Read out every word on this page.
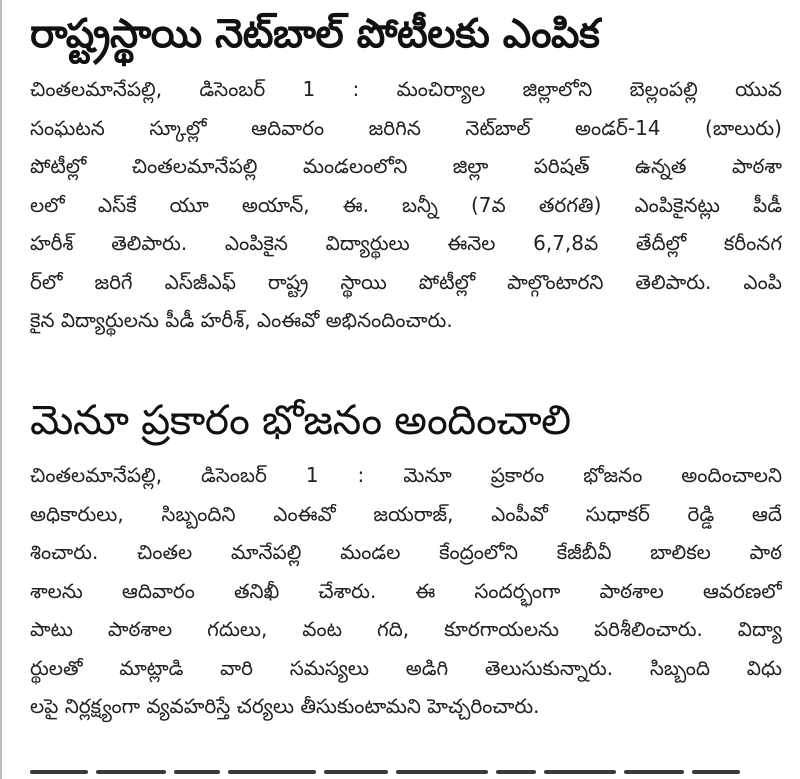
రాష్ట్రస్థాయి నెట్‌బాల్ పోటీలకు ఎంపిక

చింతలమానేపల్లి, డిసెంబర్ 1 : మంచిర్యాల జిల్లాలోని బెల్లంపల్లి యువ

సంఘటన స్కూల్లో ఆదివారం జరిగిన నెట్‌బాల్ అండర్-14 (బాలురు)

పోటీల్లో చింతలమానేపల్లి మండలంలోని జిల్లా పరిషత్ ఉన్నత పాఠశా

లలో ఎస్‌కే యూ అయాన్, ఈ. బన్నీ (7వ తరగతి) ఎంపికైనట్లు పీడీ

హరీశ్ తెలిపారు. ఎంపికైన విద్యార్థులు ఈనెల 6,7,8వ తేదీల్లో కరీంనగ

ర్‌లో జరిగే ఎస్‌జీఎఫ్ రాష్ట్ర స్థాయి పోటీల్లో పాల్గొంటారని తెలిపారు. ఎంపి

కైన విద్యార్థులను పీడీ హరీశ్, ఎంఈవో అభినందించారు.

మెనూ ప్రకారం భోజనం అందించాలి

చింతలమానేపల్లి, డిసెంబర్ 1 : మెనూ ప్రకారం భోజనం అందించాలని

అధికారులు, సిబ్బందిని ఎంఈవో జయరాజ్, ఎంపీవో సుధాకర్ రెడ్డి ఆదే

శించారు. చింతల మానేపల్లి మండల కేంద్రంలోని కేజీబీవీ బాలికల పాఠ

శాలను ఆదివారం తనిఖీ చేశారు. ఈ సందర్భంగా పాఠశాల ఆవరణలో

పాటు పాఠశాల గదులు, వంట గది, కూరగాయలను పరిశీలించారు. విద్యా

ర్థులతో మాట్లాడి వారి సమస్యలు అడిగి తెలుసుకున్నారు. సిబ్బంది విధు

లపై నిర్లక్ష్యంగా వ్యవహరిస్తే చర్యలు తీసుకుంటామని హెచ్చరించారు.
